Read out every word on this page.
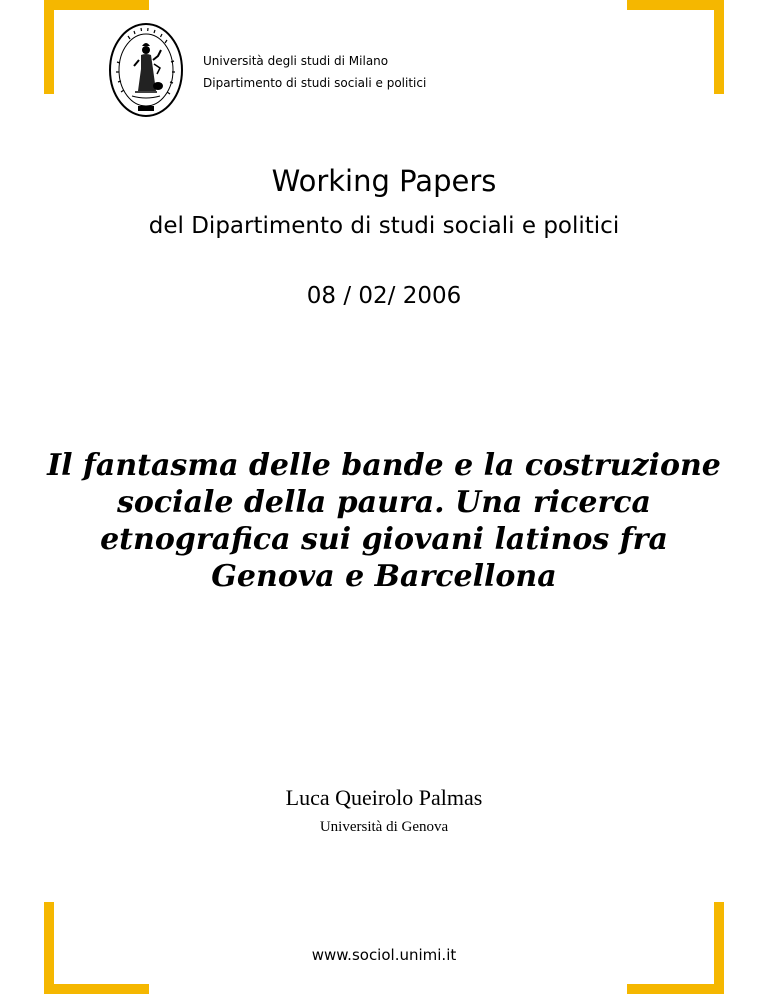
Università degli studi di Milano
Dipartimento di studi sociali e politici
Working Papers
del Dipartimento di studi sociali e politici
08 / 02/ 2006
Il fantasma delle bande e la costruzione
sociale della paura. Una ricerca
etnografica sui giovani latinos fra
Genova e Barcellona
Luca Queirolo Palmas
Università di Genova
www.sociol.unimi.it
